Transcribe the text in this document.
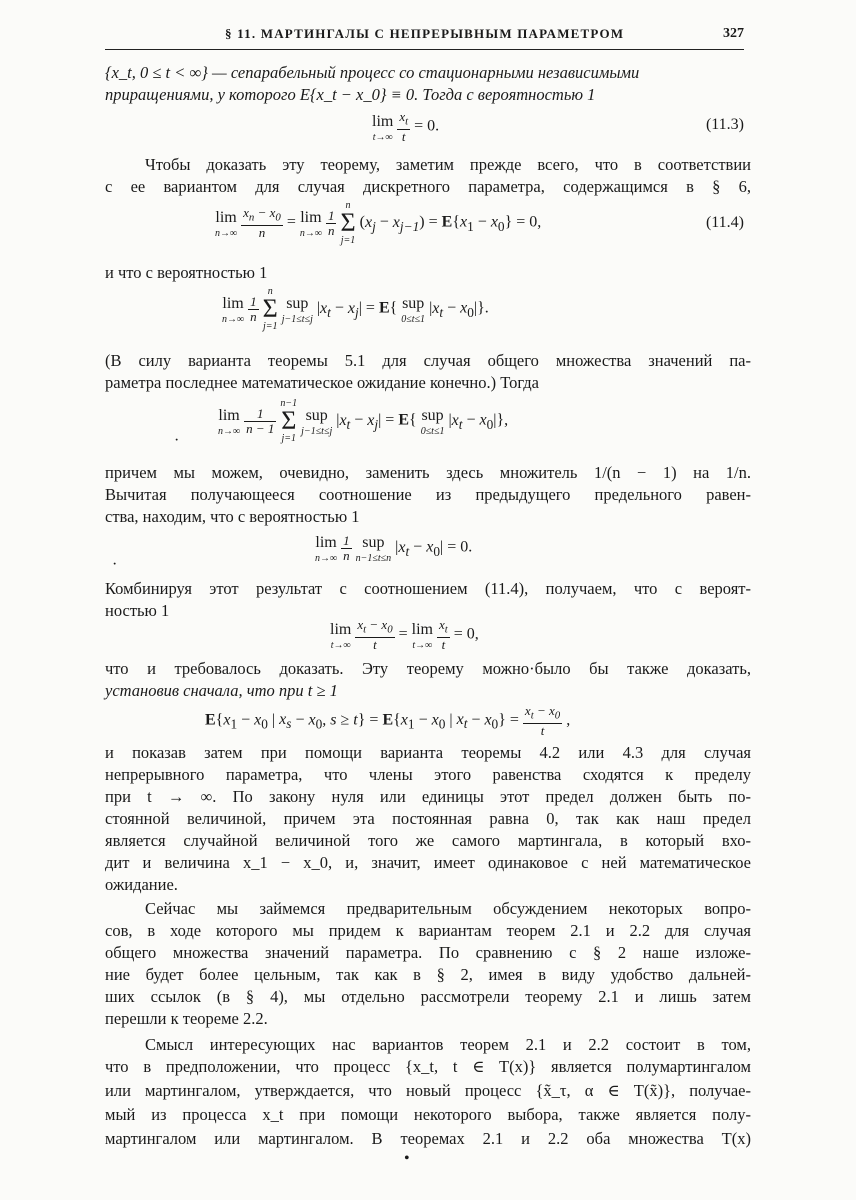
§ 11. МАРТИНГАЛЫ С НЕПРЕРЫВНЫМ ПАРАМЕТРОМ	327
{x_t, 0 ≤ t < ∞} — сепарабельный процесс со стационарными независимыми
приращениями, у которого E{x_t − x_0} ≡ 0. Тогда с вероятностью 1
lim
t→∞
$\frac{x_t}{t} = 0$.	(11.3)
Чтобы доказать эту теорему, заметим прежде всего, что в соответствии
с ее вариантом для случая дискретного параметра, содержащимся в § 6,
lim
n→∞
$\frac{x_n - x_0}{n} = \lim$
n→∞
$\frac{1}{n}$
n
Σ
j=1 $(x_j - x_{j-1}) = E\{x_1 - x_0\} = 0$,	(11.4)
и что с вероятностью 1
lim
n→∞
$\frac{1}{n}$
n
Σ
j=1 sup
j−1≤t≤j
$|x_t - x_j| = E${ sup
0≤t≤1
$|x_t - x_0|$}.
(В силу варианта теоремы 5.1 для случая общего множества значений па-
раметра последнее математическое ожидание конечно.) Тогда
lim
n→∞
$\frac{1}{n - 1}$
n−1
Σ
j=1 sup
j−1≤t≤j
$|x_t - x_j| = E${ sup
0≤t≤1
$|x_t - x_0|$},
·
причем мы можем, очевидно, заменить здесь множитель 1/(n − 1) на 1/n.
Вычитая получающееся соотношение из предыдущего предельного равен-
ства, находим, что с вероятностью 1
lim
n→∞
$\frac{1}{n}$ sup
n−1≤t≤n
$|x_t - x_0| = 0$.
·
Комбинируя этот результат с соотношением (11.4), получаем, что с вероят-
ностью 1
lim
t→∞
$\frac{x_t - x_0}{t} = \lim$
t→∞
$\frac{x_t}{t} = 0$,
что и требовалось доказать. Эту теорему можно·было бы также доказать,
установив сначала, что при t ≥ 1
$E\{x_1 - x_0$ | $x_s - x_0$, $s \ge t\} = E\{x_1 - x_0$ | $x_t - x_0\} = \frac{x_t - x_0}{t}$ ,
и показав затем при помощи варианта теоремы 4.2 или 4.3 для случая
непрерывного параметра, что члены этого равенства сходятся к пределу
при t → ∞. По закону нуля или единицы этот предел должен быть по-
стоянной величиной, причем эта постоянная равна 0, так как наш предел
является случайной величиной того же самого мартингала, в который вхо-
дит и величина x_1 − x_0, и, значит, имеет одинаковое с ней математическое
ожидание.
Сейчас мы займемся предварительным обсуждением некоторых вопро-
сов, в ходе которого мы придем к вариантам теорем 2.1 и 2.2 для случая
общего множества значений параметра. По сравнению с § 2 наше изложе-
ние будет более цельным, так как в § 2, имея в виду удобство дальней-
ших ссылок (в § 4), мы отдельно рассмотрели теорему 2.1 и лишь затем
перешли к теореме 2.2.
Смысл интересующих нас вариантов теорем 2.1 и 2.2 состоит в том,
что в предположении, что процесс {x_t, t ∈ T(x)} является полумартингалом
или мартингалом, утверждается, что новый процесс {x̃_τ, α ∈ T(x̃)}, получае-
мый из процесса x_t при помощи некоторого выбора, также является полу-
мартингалом или мартингалом. В теоремах 2.1 и 2.2 оба множества T(x)
•
